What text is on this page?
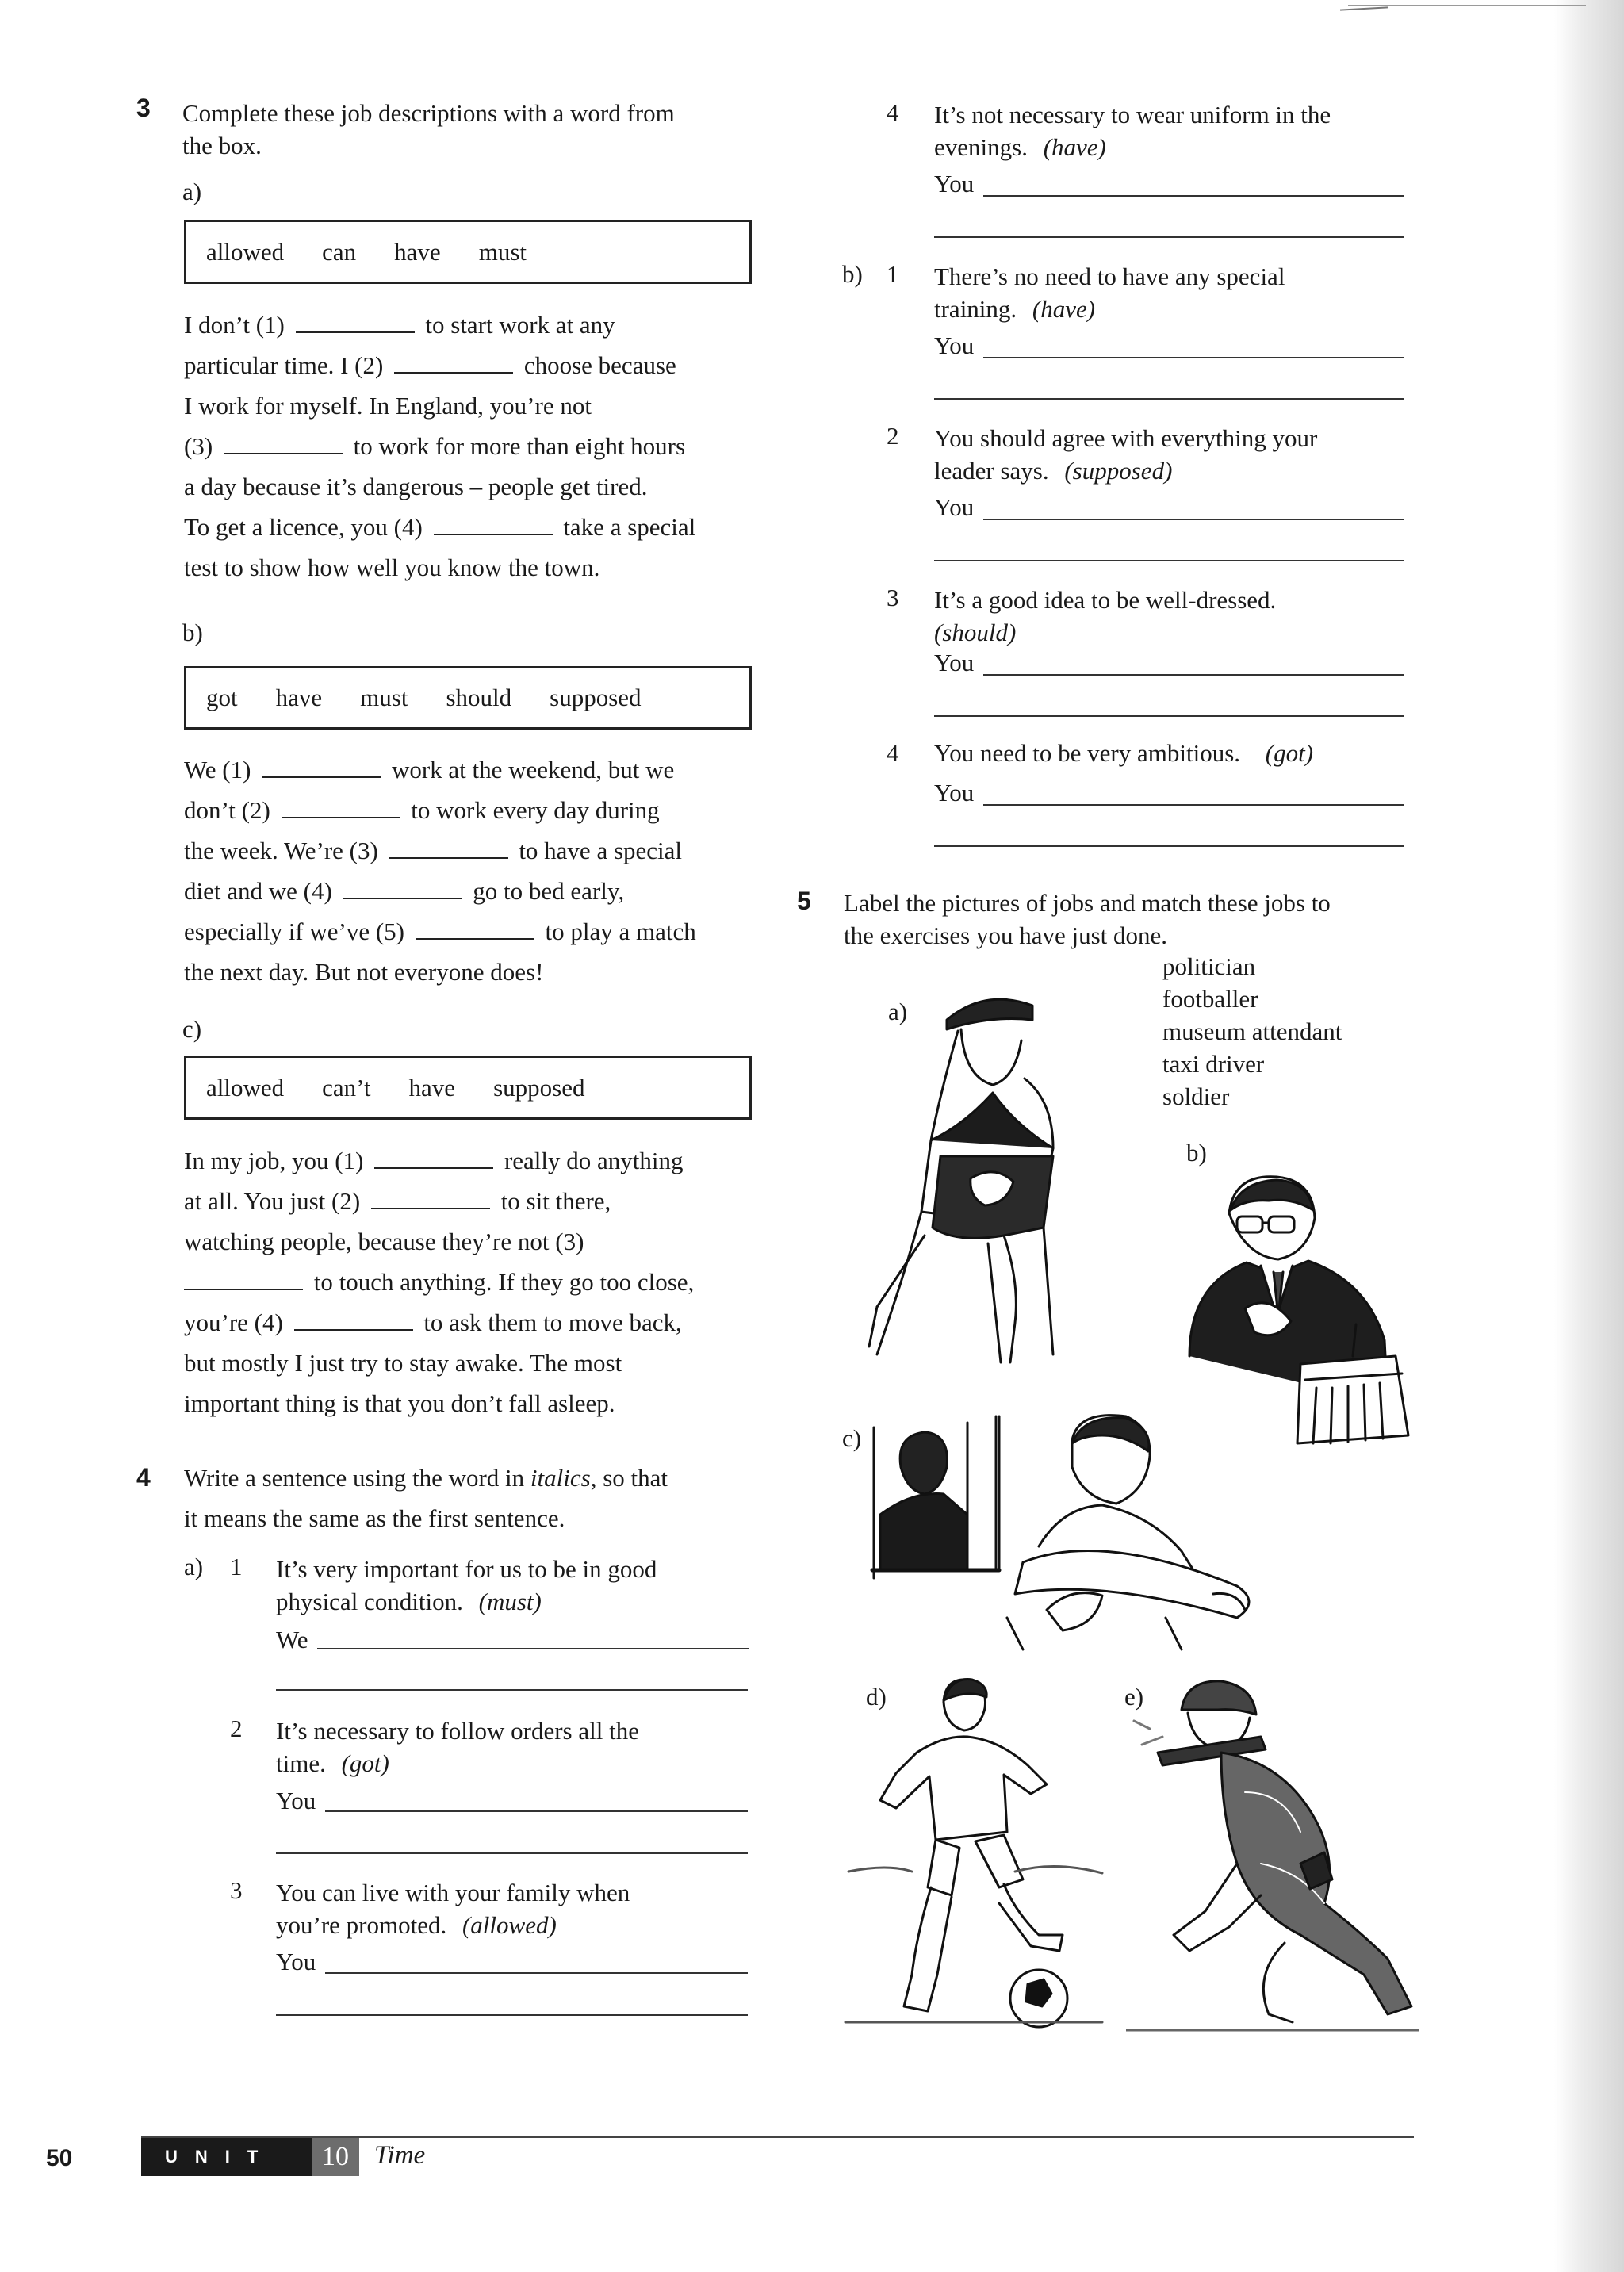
3 Complete these job descriptions with a word from
the box.
a)
allowed can have must
I don’t (1)	to start work at any
particular time. I (2)	choose because
I work for myself. In England, you’re not
(3)	to work for more than eight hours
a day because it’s dangerous – people get tired.
To get a licence, you (4)	take a special
test to show how well you know the town.
b)
got have must should supposed
We (1)	work at the weekend, but we
don’t (2)	to work every day during
the week. We’re (3)	to have a special
diet and we (4)	go to bed early,
especially if we’ve (5)	to play a match
the next day. But not everyone does!
c)
allowed can’t have supposed
In my job, you (1)	really do anything
at all. You just (2)	to sit there,
watching people, because they’re not (3)
to touch anything. If they go too close,
you’re (4)	to ask them to move back,
but mostly I just try to stay awake. The most
important thing is that you don’t fall asleep.
4 Write a sentence using the word in italics, so that
it means the same as the first sentence.
a) 1 It’s very important for us to be in good
physical condition. (must)
We
2 It’s necessary to follow orders all the
time. (got)
You
3 You can live with your family when
you’re promoted. (allowed)
You
4 It’s not necessary to wear uniform in the
evenings. (have)
You
b) 1 There’s no need to have any special
training. (have)
You
2 You should agree with everything your
leader says. (supposed)
You
3 It’s a good idea to be well-dressed.
(should)
You
4 You need to be very ambitious. (got)
You
5 Label the pictures of jobs and match these jobs to
the exercises you have just done.
politician
footballer
museum attendant
taxi driver
soldier
a)
b)
c)
d)	e)
50	UNIT	10 Time
